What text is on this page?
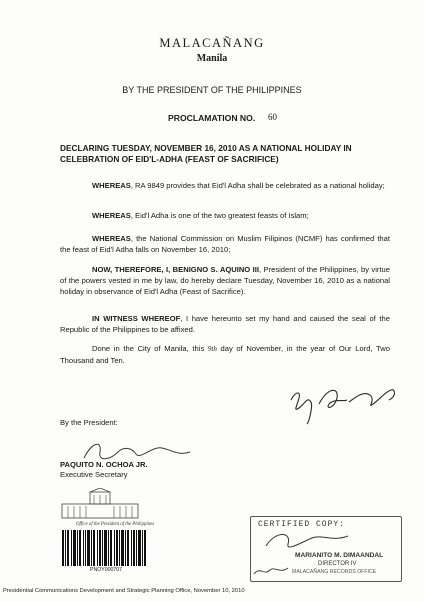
MALACAÑANG
Manila
BY THE PRESIDENT OF THE PHILIPPINES
PROCLAMATION NO. 60
DECLARING TUESDAY, NOVEMBER 16, 2010 AS A NATIONAL HOLIDAY IN CELEBRATION OF EID'L-ADHA (FEAST OF SACRIFICE)
WHEREAS, RA 9849 provides that Eid'l Adha shall be celebrated as a national holiday;
WHEREAS, Eid'l Adha is one of the two greatest feasts of Islam;
WHEREAS, the National Commission on Muslim Filipinos (NCMF) has confirmed that the feast of Eid'l Adha falls on November 16, 2010;
NOW, THEREFORE, I, BENIGNO S. AQUINO III, President of the Philippines, by virtue of the powers vested in me by law, do hereby declare Tuesday, November 16, 2010 as a national holiday in observance of Eid'l Adha (Feast of Sacrifice).
IN WITNESS WHEREOF, I have hereunto set my hand and caused the seal of the Republic of the Philippines to be affixed.
Done in the City of Manila, this 9th day of November, in the year of Our Lord, Two Thousand and Ten.
By the President:
PAQUITO N. OCHOA JR.
Executive Secretary
Office of the President of the Philippines
PNOY000707
CERTIFIED COPY:
MARIANITO M. DIMAANDAL
DIRECTOR IV
MALACAÑANG RECORDS OFFICE
Presidential Communications Development and Strategic Planning Office, November 10, 2010
